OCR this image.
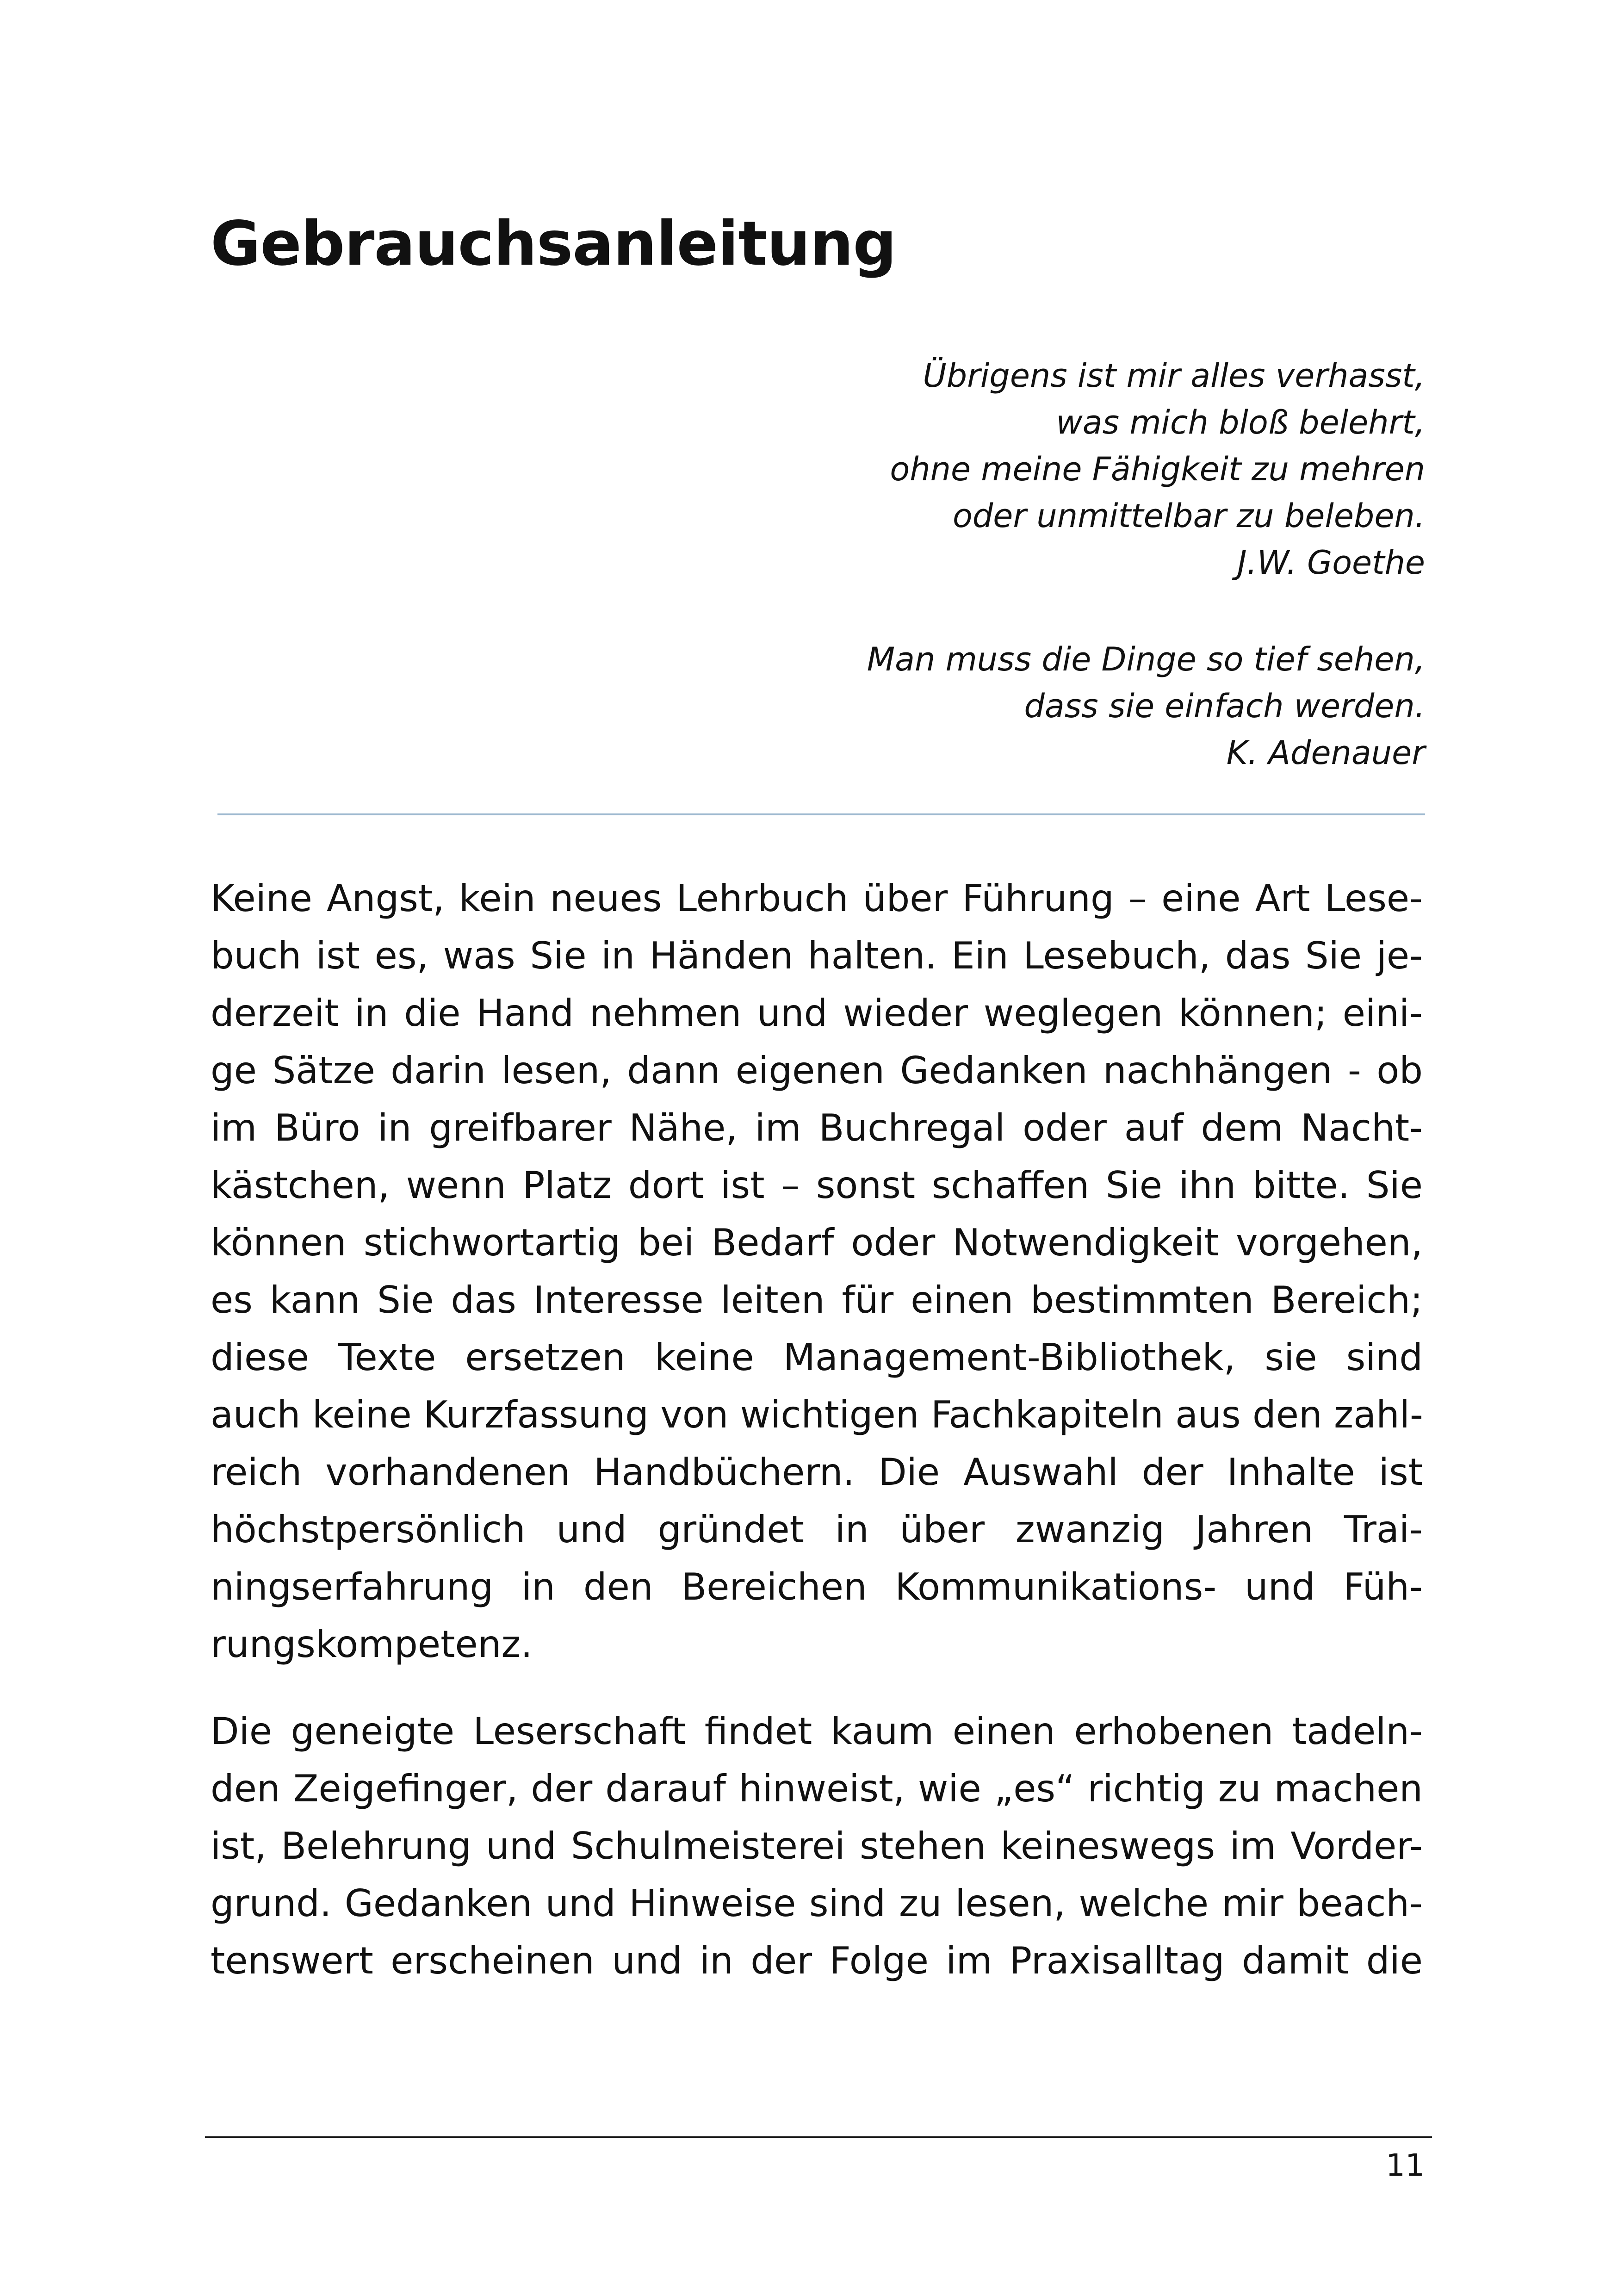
Gebrauchsanleitung
Übrigens ist mir alles verhasst,
was mich bloß belehrt,
ohne meine Fähigkeit zu mehren
oder unmittelbar zu beleben.
J.W. Goethe
Man muss die Dinge so tief sehen,
dass sie einfach werden.
K. Adenauer
Keine Angst, kein neues Lehrbuch über Führung – eine Art Lese-
buch ist es, was Sie in Händen halten. Ein Lesebuch, das Sie je-
derzeit in die Hand nehmen und wieder weglegen können; eini-
ge Sätze darin lesen, dann eigenen Gedanken nachhängen - ob
im Büro in greifbarer Nähe, im Buchregal oder auf dem Nacht-
kästchen, wenn Platz dort ist – sonst schaffen Sie ihn bitte. Sie
können stichwortartig bei Bedarf oder Notwendigkeit vorgehen,
es kann Sie das Interesse leiten für einen bestimmten Bereich;
diese Texte ersetzen keine Management-Bibliothek, sie sind
auch keine Kurzfassung von wichtigen Fachkapiteln aus den zahl-
reich vorhandenen Handbüchern. Die Auswahl der Inhalte ist
höchstpersönlich und gründet in über zwanzig Jahren Trai-
ningserfahrung in den Bereichen Kommunikations- und Füh-
rungskompetenz.
Die geneigte Leserschaft findet kaum einen erhobenen tadeln-
den Zeigefinger, der darauf hinweist, wie „es“ richtig zu machen
ist, Belehrung und Schulmeisterei stehen keineswegs im Vorder-
grund. Gedanken und Hinweise sind zu lesen, welche mir beach-
tenswert erscheinen und in der Folge im Praxisalltag damit die
11
